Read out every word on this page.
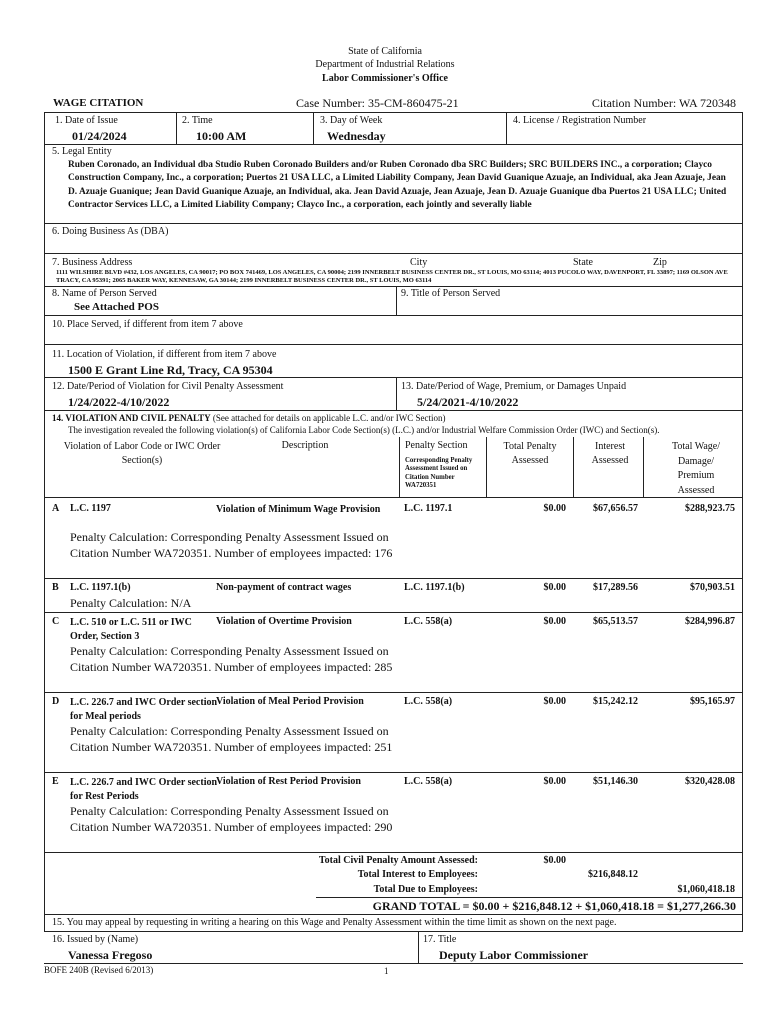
State of California
Department of Industrial Relations
Labor Commissioner's Office
WAGE CITATION	Case Number: 35-CM-860475-21	Citation Number: WA 720348
1. Date of Issue
01/24/2024
2. Time
10:00 AM
3. Day of Week
Wednesday
4. License / Registration Number
5. Legal Entity
Ruben Coronado, an Individual dba Studio Ruben Coronado Builders and/or Ruben Coronado dba SRC Builders; SRC BUILDERS INC., a corporation; Clayco Construction Company, Inc., a corporation; Puertos 21 USA LLC, a Limited Liability Company, Jean David Guanique Azuaje, an Individual, aka Jean Azuaje, Jean D. Azuaje Guanique; Jean David Guanique Azuaje, an Individual, aka. Jean David Azuaje, Jean Azuaje, Jean D. Azuaje Guanique dba Puertos 21 USA LLC; United Contractor Services LLC, a Limited Liability Company; Clayco Inc., a corporation, each jointly and severally liable
6. Doing Business As (DBA)
7. Business Address	City	State	Zip
1111 WILSHIRE BLVD #432, LOS ANGELES, CA 90017; PO BOX 741469, LOS ANGELES, CA 90004; 2199 INNERBELT BUSINESS CENTER DR., ST LOUIS, MO 63114; 4013 PUCOLO WAY, DAVENPORT, FL 33897; 1169 OLSON AVE TRACY, CA 95391; 2065 BAKER WAY, KENNESAW, GA 30144; 2199 INNERBELT BUSINESS CENTER DR., ST LOUIS, MO 63114
8. Name of Person Served
See Attached POS
9. Title of Person Served
10. Place Served, if different from item 7 above
11. Location of Violation, if different from item 7 above
1500 E Grant Line Rd, Tracy, CA 95304
12. Date/Period of Violation for Civil Penalty Assessment
1/24/2022-4/10/2022
13. Date/Period of Wage, Premium, or Damages Unpaid
5/24/2021-4/10/2022
14. VIOLATION AND CIVIL PENALTY (See attached for details on applicable L.C. and/or IWC Section)
The investigation revealed the following violation(s) of California Labor Code Section(s) (L.C.) and/or Industrial Welfare Commission Order (IWC) and Section(s).
Violation of Labor Code or IWC Order Section(s)
Description	Penalty Section
Corresponding Penalty Assessment Issued on Citation Number WA720351
Total Penalty Assessed
Interest Assessed
Total Wage/ Damage/ Premium Assessed
A L.C. 1197	Violation of Minimum Wage Provision
Penalty Calculation: Corresponding Penalty Assessment Issued on Citation Number WA720351. Number of employees impacted: 176
L.C. 1197.1	$0.00	$67,656.57	$288,923.75
B L.C. 1197.1(b)	Non-payment of contract wages
Penalty Calculation: N/A
L.C. 1197.1(b)	$0.00	$17,289.56	$70,903.51
C L.C. 510 or L.C. 511 or IWC Order, Section 3
Violation of Overtime Provision
Penalty Calculation: Corresponding Penalty Assessment Issued on Citation Number WA720351. Number of employees impacted: 285
L.C. 558(a)	$0.00	$65,513.57	$284,996.87
D L.C. 226.7 and IWC Order section for Meal periods
Violation of Meal Period Provision
Penalty Calculation: Corresponding Penalty Assessment Issued on Citation Number WA720351. Number of employees impacted: 251
L.C. 558(a)	$0.00	$15,242.12	$95,165.97
E L.C. 226.7 and IWC Order section for Rest Periods
Violation of Rest Period Provision
Penalty Calculation: Corresponding Penalty Assessment Issued on Citation Number WA720351. Number of employees impacted: 290
L.C. 558(a)	$0.00	$51,146.30	$320,428.08
Total Civil Penalty Amount Assessed:	$0.00
Total Interest to Employees:	$216,848.12
Total Due to Employees:	$1,060,418.18
GRAND TOTAL = $0.00 + $216,848.12 + $1,060,418.18 = $1,277,266.30
15. You may appeal by requesting in writing a hearing on this Wage and Penalty Assessment within the time limit as shown on the next page.
16. Issued by (Name)
Vanessa Fregoso
17. Title
Deputy Labor Commissioner
BOFE 240B (Revised 6/2013)	1
